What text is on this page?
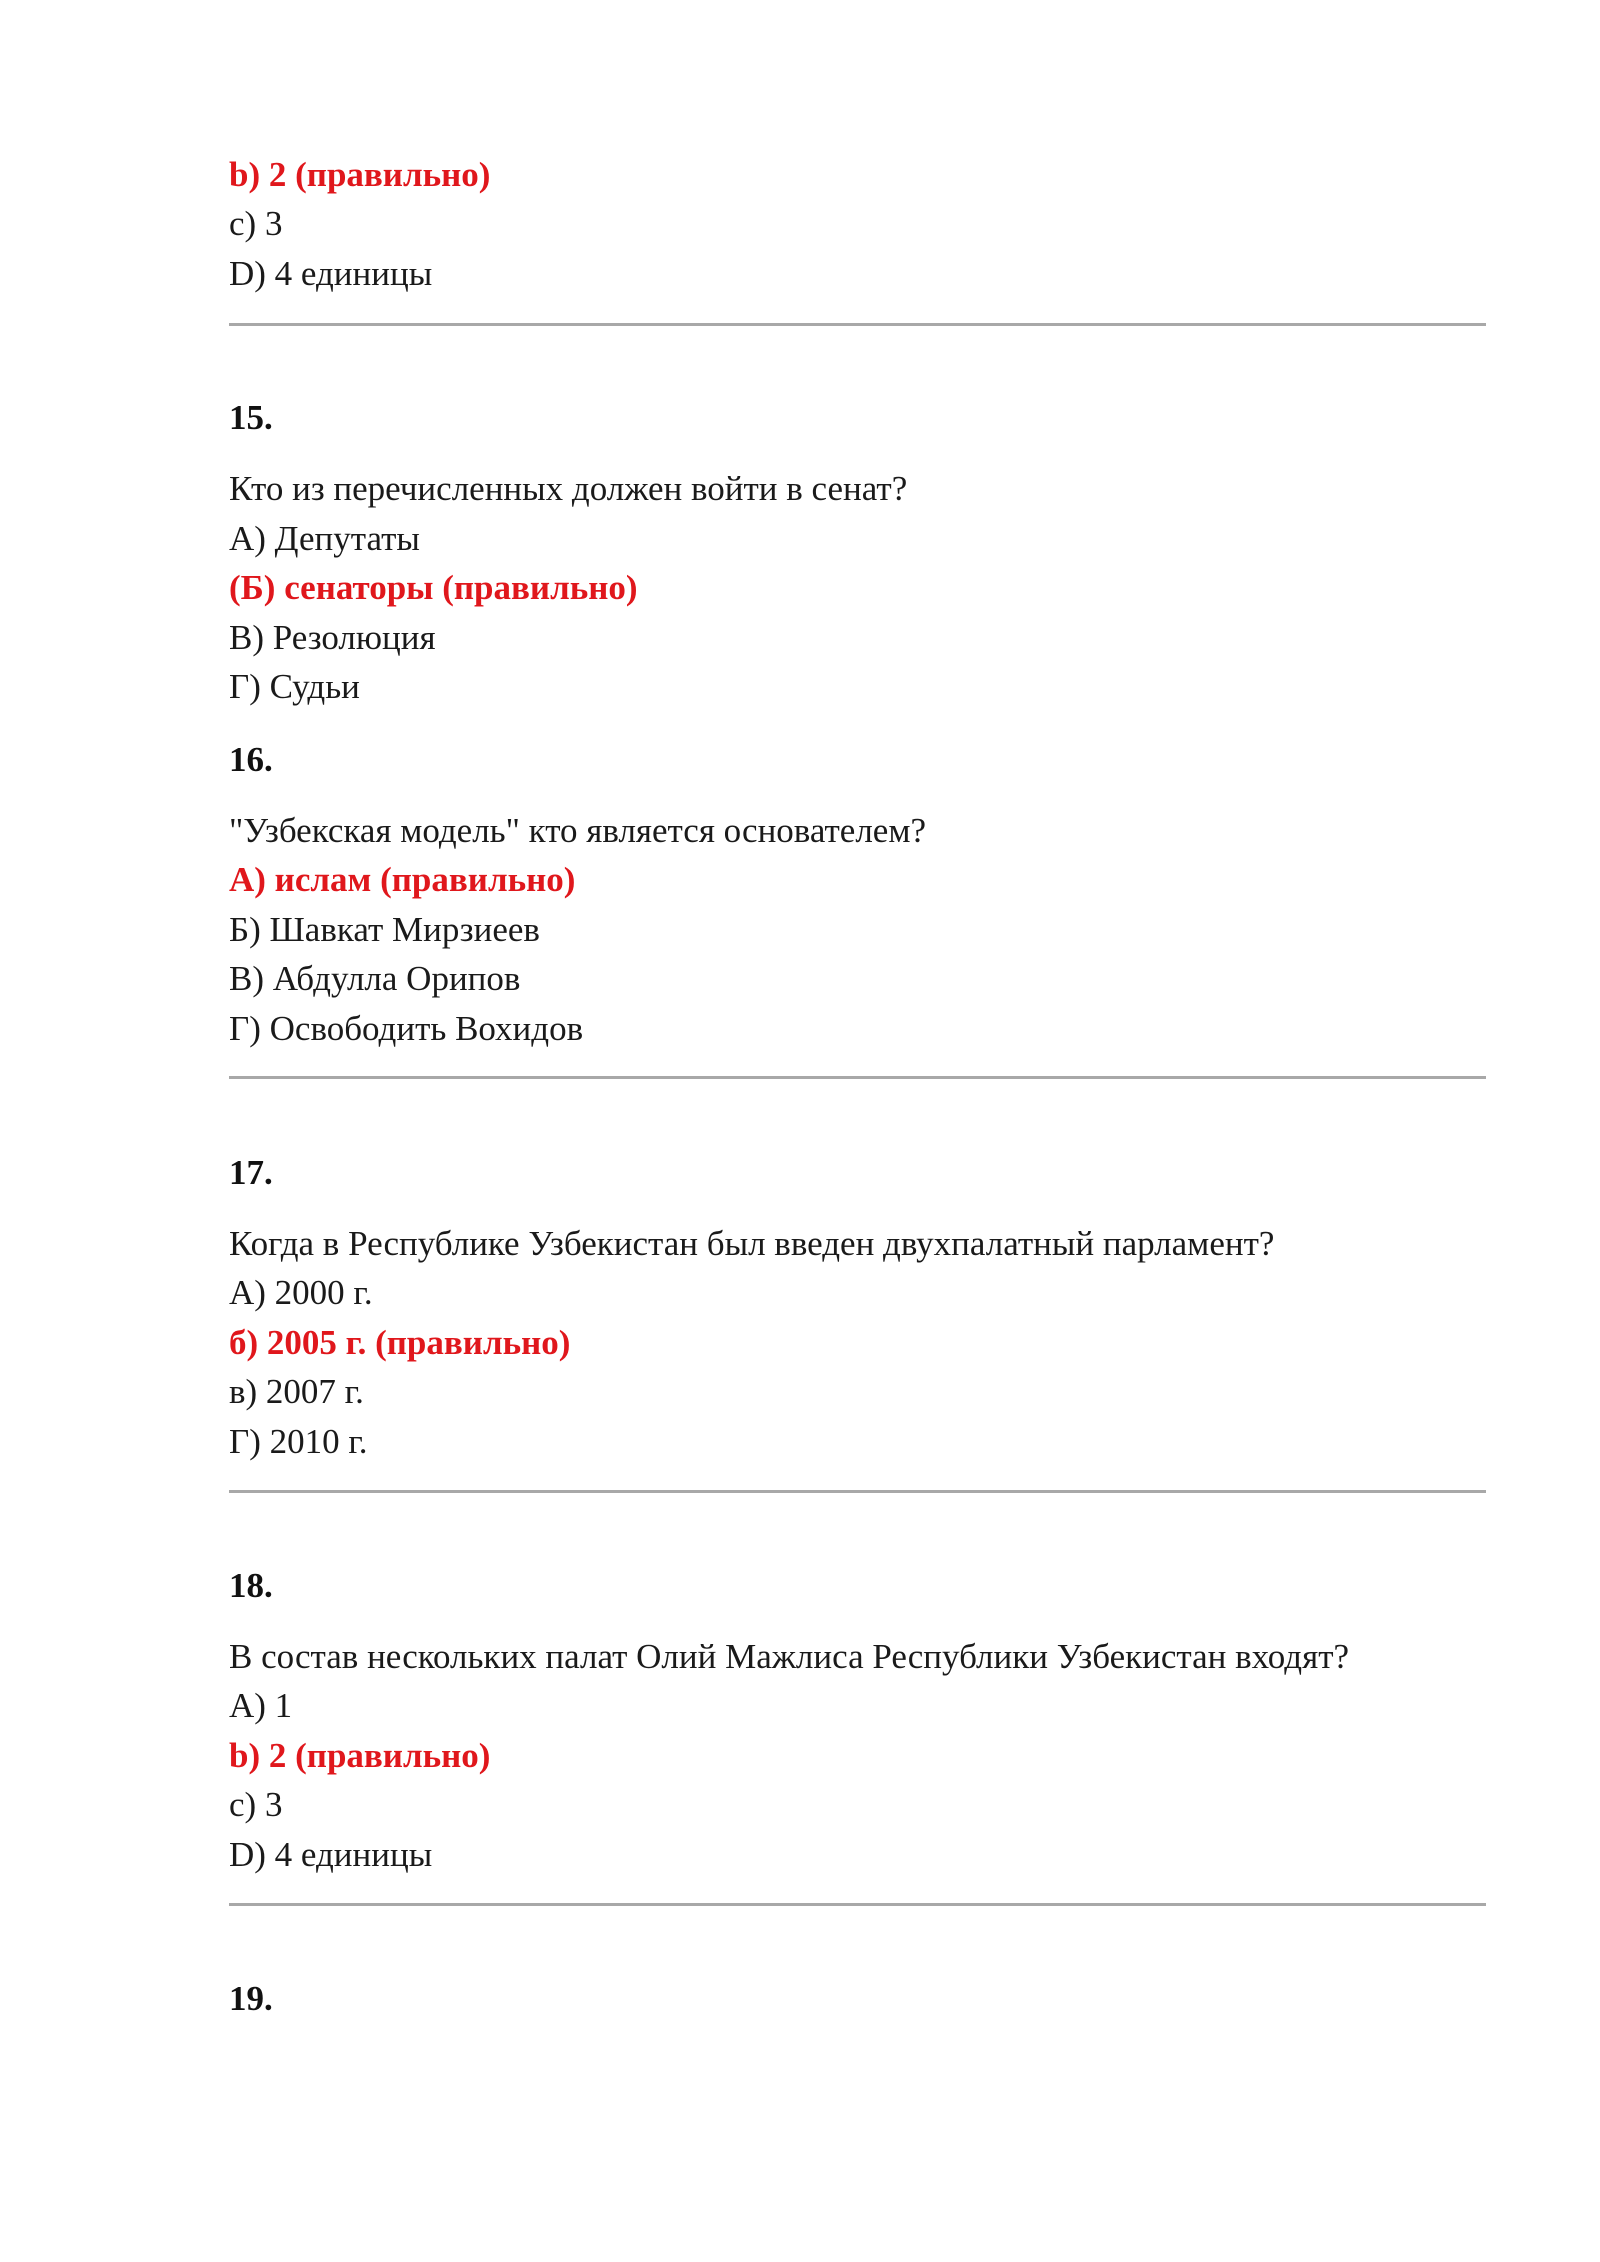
b) 2 (правильно)
c) 3
D) 4 единицы
15.
Кто из перечисленных должен войти в сенат?
А) Депутаты
(Б) сенаторы (правильно)
В) Резолюция
Г) Судьи
16.
"Узбекская модель" кто является основателем?
А) ислам (правильно)
Б) Шавкат Мирзиеев
В) Абдулла Орипов
Г) Освободить Вохидов
17.
Когда в Республике Узбекистан был введен двухпалатный парламент?
А) 2000 г.
б) 2005 г. (правильно)
в) 2007 г.
Г) 2010 г.
18.
В состав нескольких палат Олий Мажлиса Республики Узбекистан входят?
А) 1
b) 2 (правильно)
c) 3
D) 4 единицы
19.
